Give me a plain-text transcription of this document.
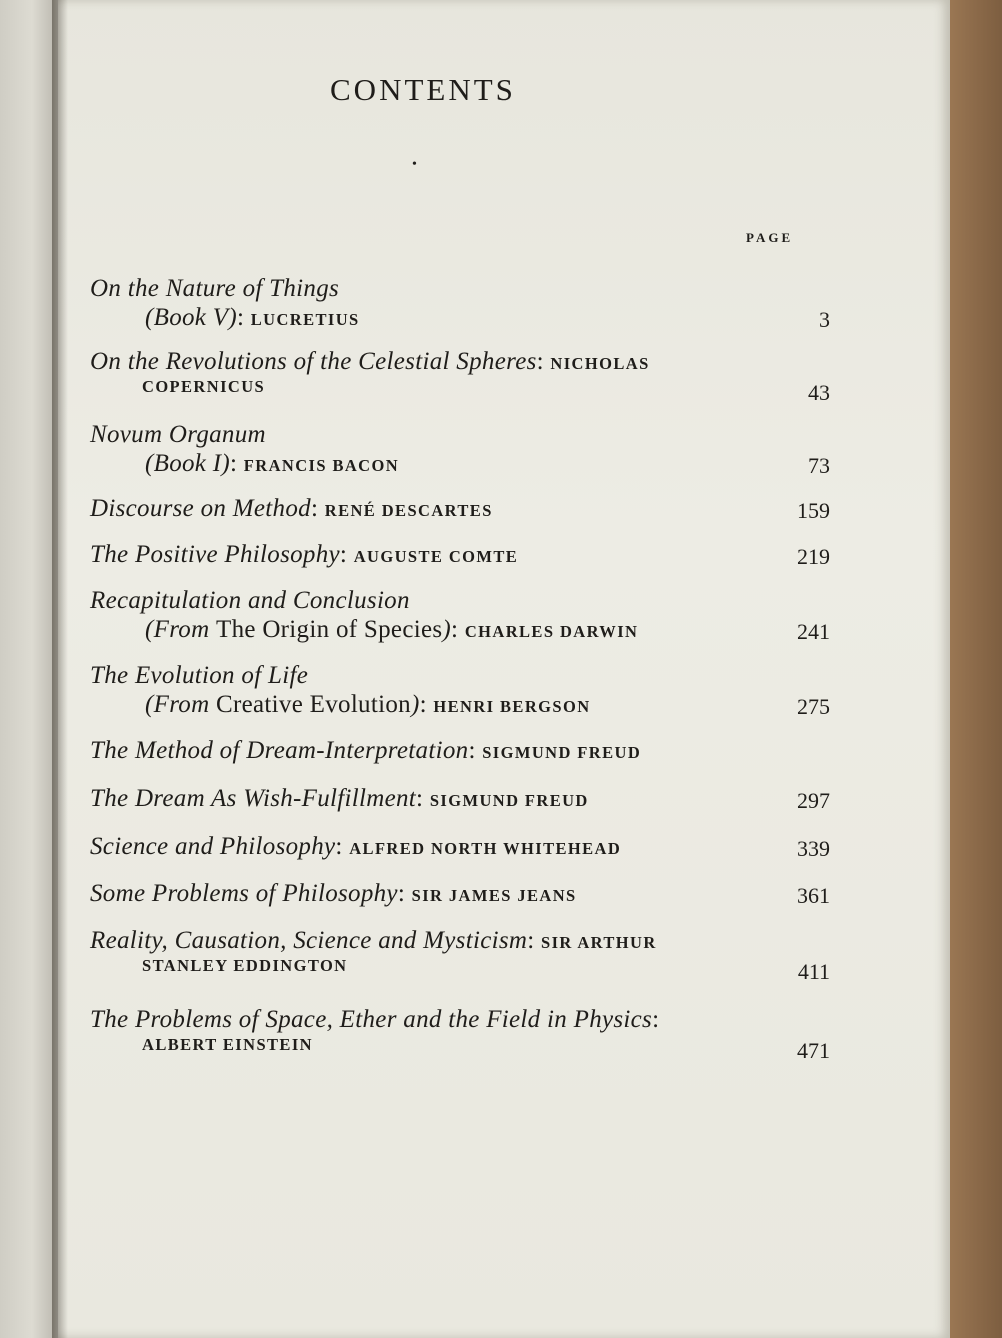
CONTENTS
•
PAGE
On the Nature of Things
(Book V): LUCRETIUS	3
On the Revolutions of the Celestial Spheres: NICHOLAS
COPERNICUS	43
Novum Organum
(Book I): FRANCIS BACON	73
Discourse on Method: RENÉ DESCARTES	159
The Positive Philosophy: AUGUSTE COMTE	219
Recapitulation and Conclusion
(From The Origin of Species): CHARLES DARWIN	241
The Evolution of Life
(From Creative Evolution): HENRI BERGSON	275
The Method of Dream-Interpretation: SIGMUND FREUD
The Dream As Wish-Fulfillment: SIGMUND FREUD	297
Science and Philosophy: ALFRED NORTH WHITEHEAD	339
Some Problems of Philosophy: SIR JAMES JEANS	361
Reality, Causation, Science and Mysticism: SIR ARTHUR
STANLEY EDDINGTON	411
The Problems of Space, Ether and the Field in Physics:
ALBERT EINSTEIN	471
